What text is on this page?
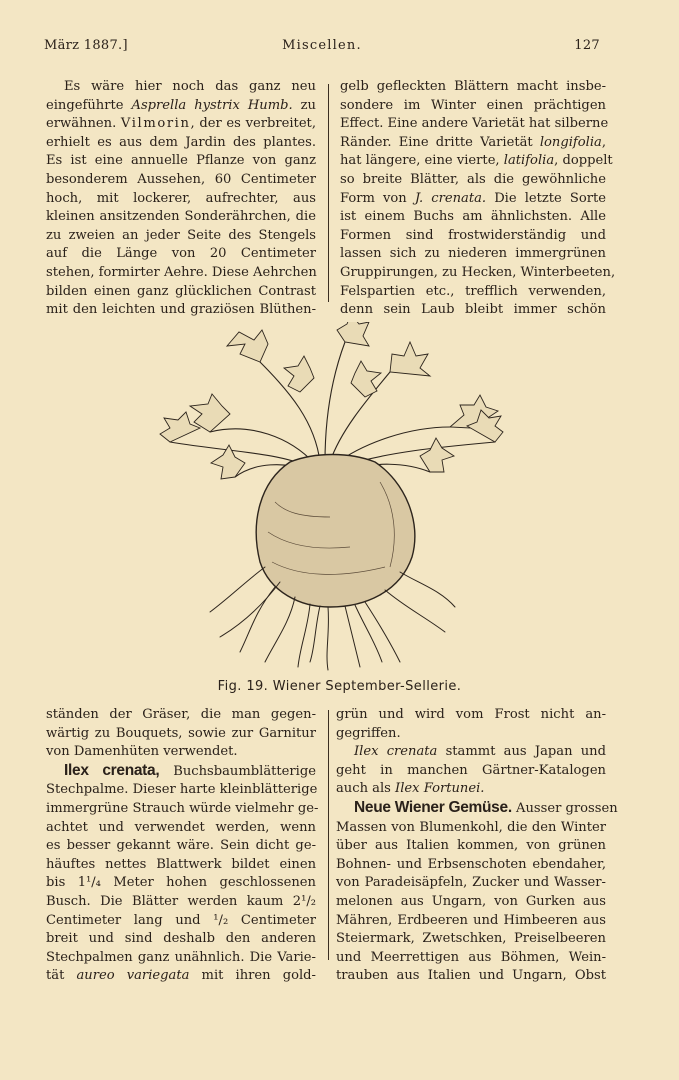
März 1887.]	Miscellen.	127
Es wäre hier noch das ganz neu
eingeführte Asprella hystrix Humb. zu
erwähnen. Vilmorin, der es verbreitet,
erhielt es aus dem Jardin des plantes.
Es ist eine annuelle Pflanze von ganz
besonderem Aussehen, 60 Centimeter
hoch, mit lockerer, aufrechter, aus
kleinen ansitzenden Sonderährchen, die
zu zweien an jeder Seite des Stengels
auf die Länge von 20 Centimeter
stehen, formirter Aehre. Diese Aehrchen
bilden einen ganz glücklichen Contrast
mit den leichten und graziösen Blüthen-
gelb gefleckten Blättern macht insbe-
sondere im Winter einen prächtigen
Effect. Eine andere Varietät hat silberne
Ränder. Eine dritte Varietät longifolia,
hat längere, eine vierte, latifolia, doppelt
so breite Blätter, als die gewöhnliche
Form von J. crenata. Die letzte Sorte
ist einem Buchs am ähnlichsten. Alle
Formen sind frostwiderständig und
lassen sich zu niederen immergrünen
Gruppirungen, zu Hecken, Winterbeeten,
Felspartien etc., trefflich verwenden,
denn sein Laub bleibt immer schön
Fig. 19. Wiener September-Sellerie.
ständen der Gräser, die man gegen-
wärtig zu Bouquets, sowie zur Garnitur
von Damenhüten verwendet.
Ilex crenata, Buchsbaumblätterige
Stechpalme. Dieser harte kleinblätterige
immergrüne Strauch würde vielmehr ge-
achtet und verwendet werden, wenn
es besser gekannt wäre. Sein dicht ge-
häuftes nettes Blattwerk bildet einen
bis 1¹/₄ Meter hohen geschlossenen
Busch. Die Blätter werden kaum 2¹/₂
Centimeter lang und ¹/₂ Centimeter
breit und sind deshalb den anderen
Stechpalmen ganz unähnlich. Die Varie-
tät aureo variegata mit ihren gold-
grün und wird vom Frost nicht an-
gegriffen.
Ilex crenata stammt aus Japan und
geht in manchen Gärtner-Katalogen
auch als Ilex Fortunei.
Neue Wiener Gemüse. Ausser grossen
Massen von Blumenkohl, die den Winter
über aus Italien kommen, von grünen
Bohnen- und Erbsenschoten ebendaher,
von Paradeisäpfeln, Zucker und Wasser-
melonen aus Ungarn, von Gurken aus
Mähren, Erdbeeren und Himbeeren aus
Steiermark, Zwetschken, Preiselbeeren
und Meerrettigen aus Böhmen, Wein-
trauben aus Italien und Ungarn, Obst
